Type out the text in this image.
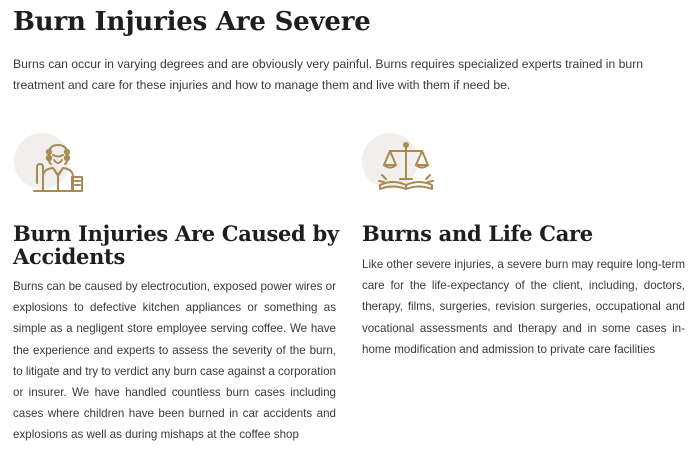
Burn Injuries Are Severe

Burns can occur in varying degrees and are obviously very painful. Burns requires specialized experts trained in burn treatment and care for these injuries and how to manage them and live with them if need be.

Burn Injuries Are Caused by Accidents

Burns can be caused by electrocution, exposed power wires or explosions to defective kitchen appliances or something as simple as a negligent store employee serving coffee. We have the experience and experts to assess the severity of the burn, to litigate and try to verdict any burn case against a corporation or insurer. We have handled countless burn cases including cases where children have been burned in car accidents and explosions as well as during mishaps at the coffee shop

Burns and Life Care

Like other severe injuries, a severe burn may require long-term care for the life-expectancy of the client, including, doctors, therapy, films, surgeries, revision surgeries, occupational and vocational assessments and therapy and in some cases in-home modification and admission to private care facilities
